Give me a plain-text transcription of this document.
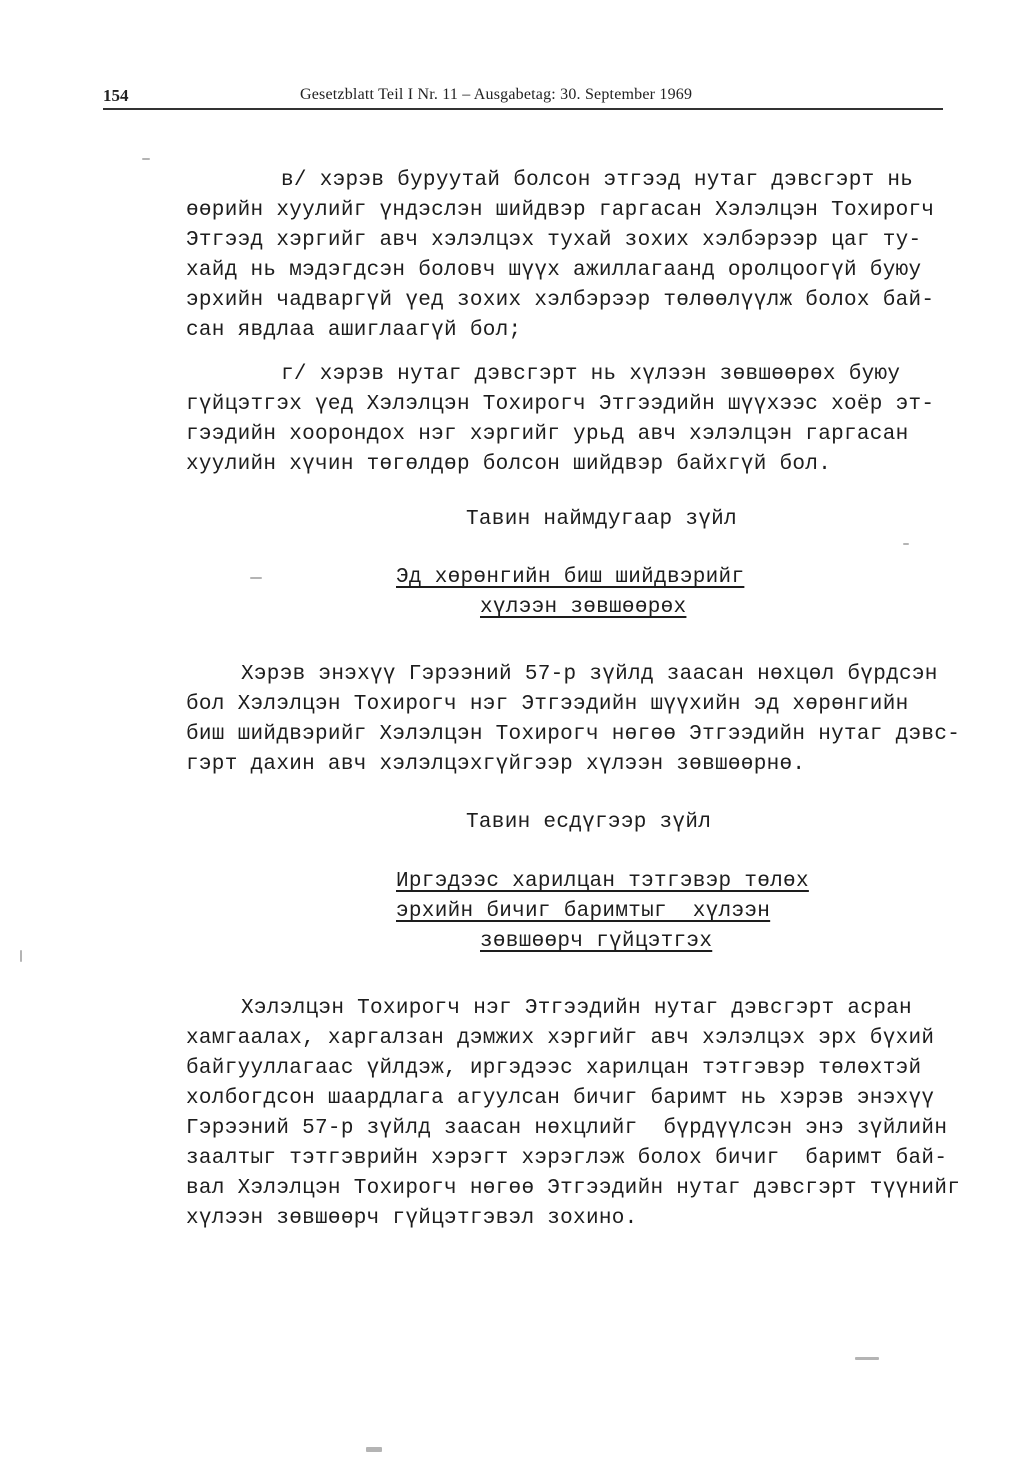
154	Gesetzblatt Teil I Nr. 11 – Ausgabetag: 30. September 1969
в/ хэрэв буруутай болсон этгээд нутаг дэвсгэрт нь
өөрийн хуулийг үндэслэн шийдвэр гаргасан Хэлэлцэн Тохирогч
Этгээд хэргийг авч хэлэлцэх тухай зохих хэлбэрээр цаг ту-
хайд нь мэдэгдсэн боловч шүүх ажиллагаанд оролцоогүй буюу
эрхийн чадваргүй үед зохих хэлбэрээр төлөөлүүлж болох бай-
сан явдлаа ашиглаагүй бол;
г/ хэрэв нутаг дэвсгэрт нь хүлээн зөвшөөрөх буюу
гүйцэтгэх үед Хэлэлцэн Тохирогч Этгээдийн шүүхээс хоёр эт-
гээдийн хоорондох нэг хэргийг урьд авч хэлэлцэн гаргасан
хуулийн хүчин төгөлдөр болсон шийдвэр байхгүй бол.
Тавин наймдугаар зүйл
Эд хөрөнгийн биш шийдвэрийг
хүлээн зөвшөөрөх
Хэрэв энэхүү Гэрээний 57-р зүйлд заасан нөхцөл бүрдсэн
бол Хэлэлцэн Тохирогч нэг Этгээдийн шүүхийн эд хөрөнгийн
биш шийдвэрийг Хэлэлцэн Тохирогч нөгөө Этгээдийн нутаг дэвс-
гэрт дахин авч хэлэлцэхгүйгээр хүлээн зөвшөөрнө.
Тавин есдүгээр зүйл
Иргэдээс харилцан тэтгэвэр төлөх
эрхийн бичиг баримтыг  хүлээн
зөвшөөрч гүйцэтгэх
Хэлэлцэн Тохирогч нэг Этгээдийн нутаг дэвсгэрт асран
хамгаалах, харгалзан дэмжих хэргийг авч хэлэлцэх эрх бүхий
байгууллагаас үйлдэж, иргэдээс харилцан тэтгэвэр төлөхтэй
холбогдсон шаардлага агуулсан бичиг баримт нь хэрэв энэхүү
Гэрээний 57-р зүйлд заасан нөхцлийг  бүрдүүлсэн энэ зүйлийн
заалтыг тэтгэврийн хэрэгт хэрэглэж болох бичиг  баримт бай-
вал Хэлэлцэн Тохирогч нөгөө Этгээдийн нутаг дэвсгэрт түүнийг
хүлээн зөвшөөрч гүйцэтгэвэл зохино.
